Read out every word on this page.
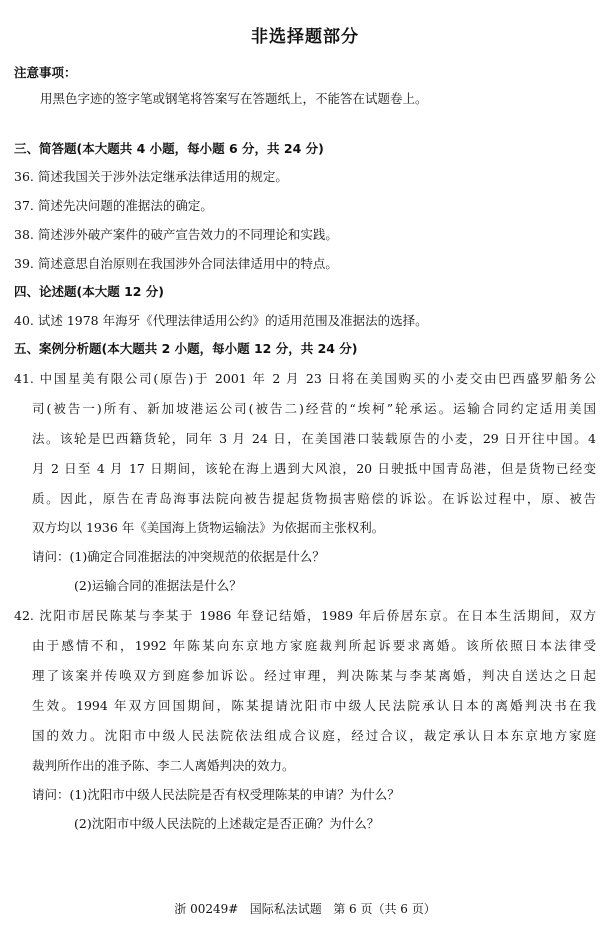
非选择题部分
注意事项：
用黑色字迹的签字笔或钢笔将答案写在答题纸上，不能答在试题卷上。
三、简答题(本大题共 4 小题，每小题 6 分，共 24 分)
36. 简述我国关于涉外法定继承法律适用的规定。
37. 简述先决问题的准据法的确定。
38. 简述涉外破产案件的破产宣告效力的不同理论和实践。
39. 简述意思自治原则在我国涉外合同法律适用中的特点。
四、论述题(本大题 12 分)
40. 试述 1978 年海牙《代理法律适用公约》的适用范围及准据法的选择。
五、案例分析题(本大题共 2 小题，每小题 12 分，共 24 分)
41. 中国星美有限公司(原告)于 2001 年 2 月 23 日将在美国购买的小麦交由巴西盛罗船务公
司(被告一)所有、新加坡港运公司(被告二)经营的“埃柯”轮承运。运输合同约定适用美国
法。该轮是巴西籍货轮，同年 3 月 24 日，在美国港口装载原告的小麦，29 日开往中国。4
月 2 日至 4 月 17 日期间，该轮在海上遇到大风浪，20 日驶抵中国青岛港，但是货物已经变
质。因此，原告在青岛海事法院向被告提起货物损害赔偿的诉讼。在诉讼过程中，原、被告
双方均以 1936 年《美国海上货物运输法》为依据而主张权利。
请问：(1)确定合同准据法的冲突规范的依据是什么？
(2)运输合同的准据法是什么？
42. 沈阳市居民陈某与李某于 1986 年登记结婚，1989 年后侨居东京。在日本生活期间，双方
由于感情不和，1992 年陈某向东京地方家庭裁判所起诉要求离婚。该所依照日本法律受
理了该案并传唤双方到庭参加诉讼。经过审理，判决陈某与李某离婚，判决自送达之日起
生效。1994 年双方回国期间，陈某提请沈阳市中级人民法院承认日本的离婚判决书在我
国的效力。沈阳市中级人民法院依法组成合议庭，经过合议，裁定承认日本东京地方家庭
裁判所作出的准予陈、李二人离婚判决的效力。
请问：(1)沈阳市中级人民法院是否有权受理陈某的申请？为什么？
(2)沈阳市中级人民法院的上述裁定是否正确？为什么？
浙 00249#   国际私法试题   第 6 页（共 6 页）
